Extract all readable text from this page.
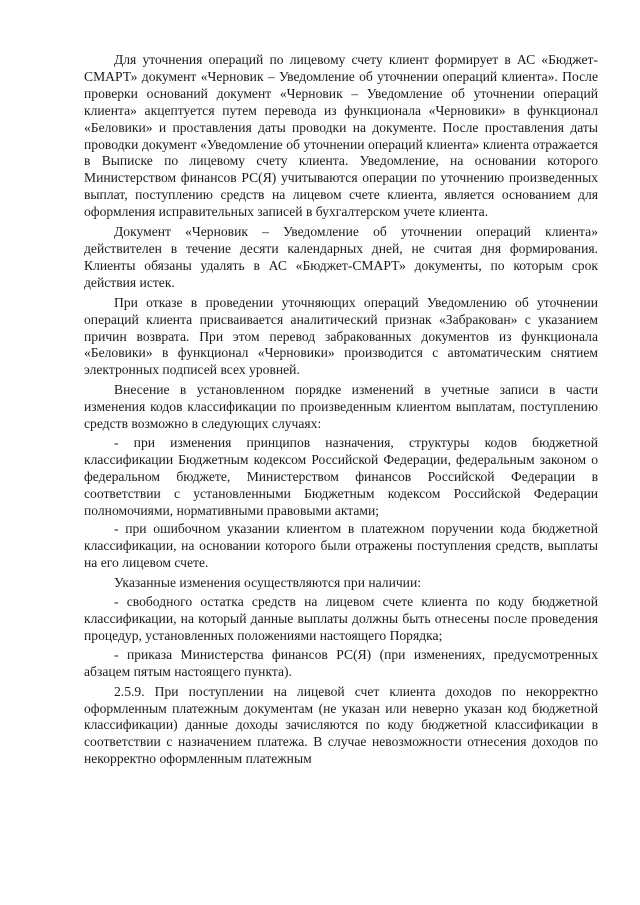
Для уточнения операций по лицевому счету клиент формирует в АС «Бюджет-СМАРТ» документ «Черновик – Уведомление об уточнении операций клиента». После проверки оснований документ «Черновик – Уведомление об уточнении операций клиента» акцептуется путем перевода из функционала «Черновики» в функционал «Беловики» и проставления даты проводки на документе. После проставления даты проводки документ «Уведомление об уточнении операций клиента» клиента отражается в Выписке по лицевому счету клиента. Уведомление, на основании которого Министерством финансов РС(Я) учитываются операции по уточнению произведенных выплат, поступлению средств на лицевом счете клиента, является основанием для оформления исправительных записей в бухгалтерском учете клиента.

Документ «Черновик – Уведомление об уточнении операций клиента» действителен в течение десяти календарных дней, не считая дня формирования. Клиенты обязаны удалять в АС «Бюджет-СМАРТ» документы, по которым срок действия истек.

При отказе в проведении уточняющих операций Уведомлению об уточнении операций клиента присваивается аналитический признак «Забракован» с указанием причин возврата. При этом перевод забракованных документов из функционала «Беловики» в функционал «Черновики» производится с автоматическим снятием электронных подписей всех уровней.

Внесение в установленном порядке изменений в учетные записи в части изменения кодов классификации по произведенным клиентом выплатам, поступлению средств возможно в следующих случаях:

- при изменения принципов назначения, структуры кодов бюджетной классификации Бюджетным кодексом Российской Федерации, федеральным законом о федеральном бюджете, Министерством финансов Российской Федерации в соответствии с установленными Бюджетным кодексом Российской Федерации полномочиями, нормативными правовыми актами;

- при ошибочном указании клиентом в платежном поручении кода бюджетной классификации, на основании которого были отражены поступления средств, выплаты на его лицевом счете.

Указанные изменения осуществляются при наличии:

- свободного остатка средств на лицевом счете клиента по коду бюджетной классификации, на который данные выплаты должны быть отнесены после проведения процедур, установленных положениями настоящего Порядка;

- приказа Министерства финансов РС(Я) (при изменениях, предусмотренных абзацем пятым настоящего пункта).

2.5.9. При поступлении на лицевой счет клиента доходов по некорректно оформленным платежным документам (не указан или неверно указан код бюджетной классификации) данные доходы зачисляются по коду бюджетной классификации в соответствии с назначением платежа. В случае невозможности отнесения доходов по некорректно оформленным платежным
